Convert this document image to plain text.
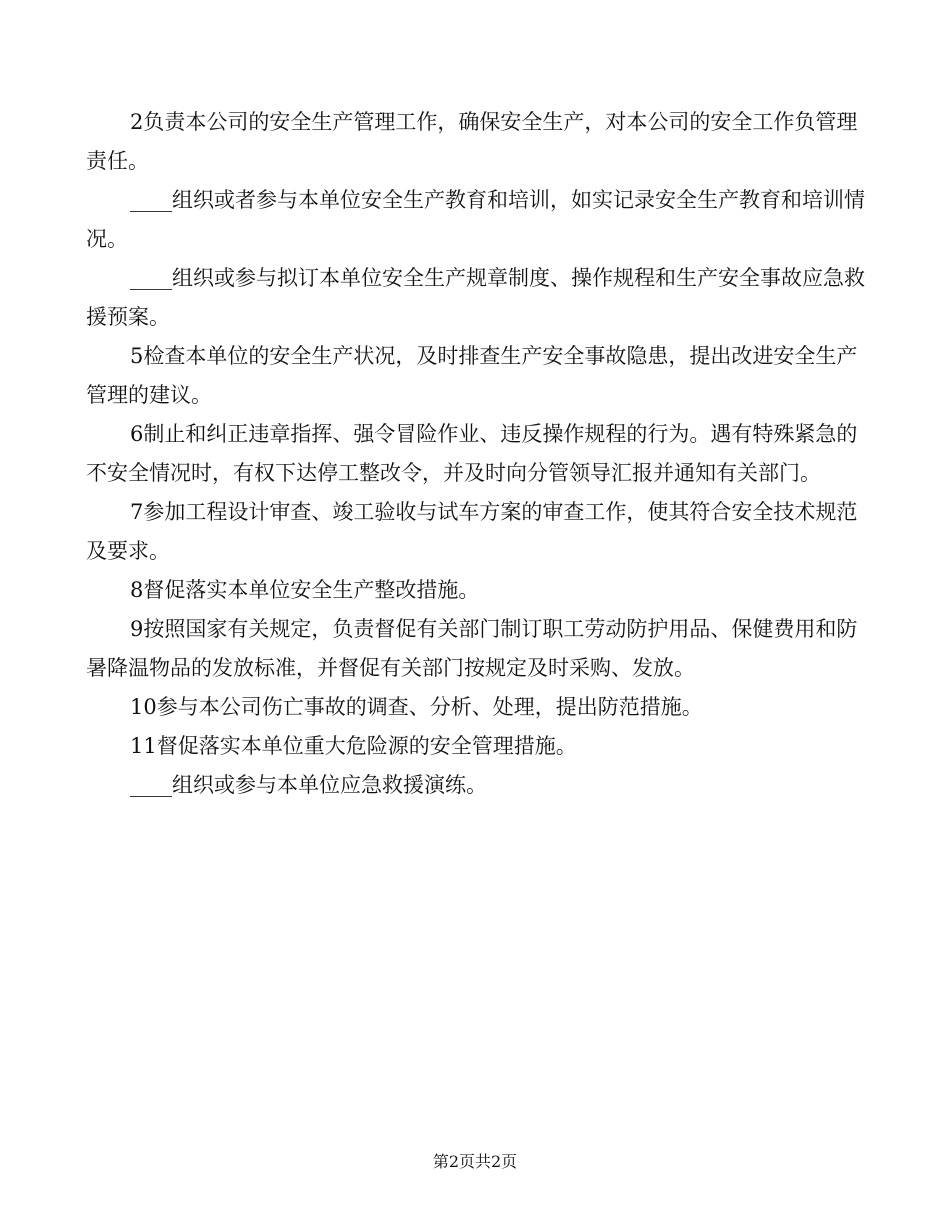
2负责本公司的安全生产管理工作，确保安全生产，对本公司的安全工作负管理责任。

____组织或者参与本单位安全生产教育和培训，如实记录安全生产教育和培训情况。

____组织或参与拟订本单位安全生产规章制度、操作规程和生产安全事故应急救援预案。

5检查本单位的安全生产状况，及时排查生产安全事故隐患，提出改进安全生产管理的建议。

6制止和纠正违章指挥、强令冒险作业、违反操作规程的行为。遇有特殊紧急的不安全情况时，有权下达停工整改令，并及时向分管领导汇报并通知有关部门。

7参加工程设计审查、竣工验收与试车方案的审查工作，使其符合安全技术规范及要求。

8督促落实本单位安全生产整改措施。

9按照国家有关规定，负责督促有关部门制订职工劳动防护用品、保健费用和防暑降温物品的发放标准，并督促有关部门按规定及时采购、发放。

10参与本公司伤亡事故的调查、分析、处理，提出防范措施。

11督促落实本单位重大危险源的安全管理措施。

____组织或参与本单位应急救援演练。

第2页共2页
